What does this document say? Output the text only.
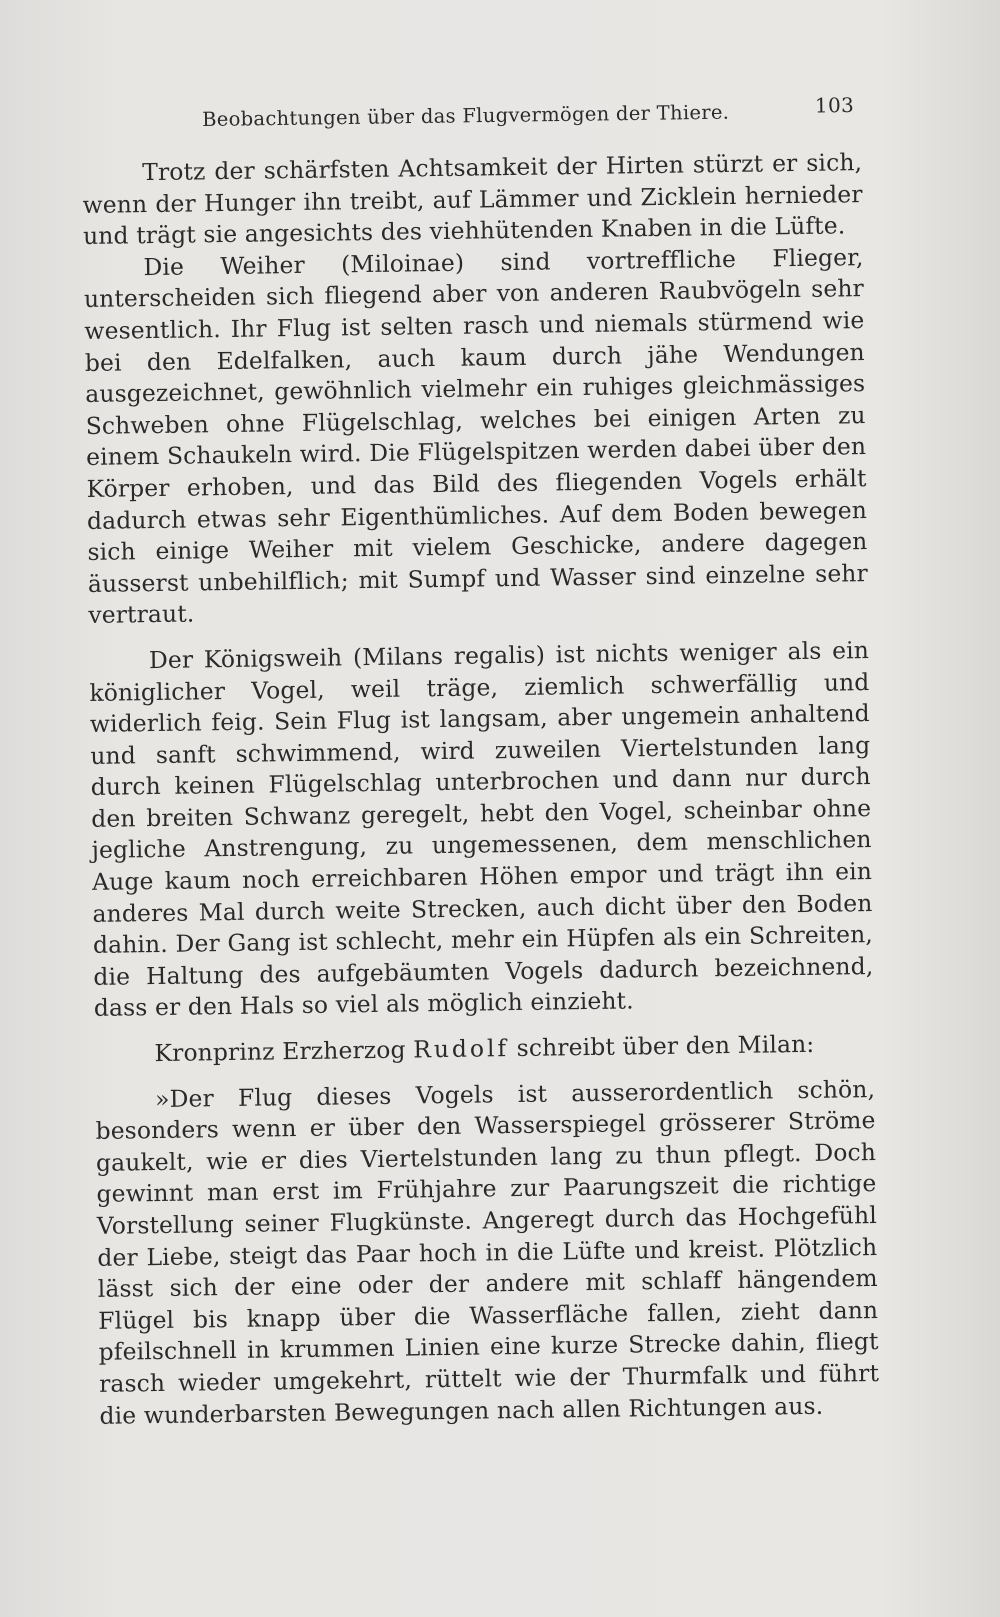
Beobachtungen über das Flugvermögen der Thiere.	103

Trotz der schärfsten Achtsamkeit der Hirten stürzt er sich, wenn der Hunger ihn treibt, auf Lämmer und Zicklein hernieder und trägt sie angesichts des viehhütenden Knaben in die Lüfte.

Die Weiher (Miloinae) sind vortreffliche Flieger, unterscheiden sich fliegend aber von anderen Raubvögeln sehr wesentlich. Ihr Flug ist selten rasch und niemals stürmend wie bei den Edelfalken, auch kaum durch jähe Wendungen ausgezeichnet, gewöhnlich vielmehr ein ruhiges gleichmässiges Schweben ohne Flügelschlag, welches bei einigen Arten zu einem Schaukeln wird. Die Flügelspitzen werden dabei über den Körper erhoben, und das Bild des fliegenden Vogels erhält dadurch etwas sehr Eigenthümliches. Auf dem Boden bewegen sich einige Weiher mit vielem Geschicke, andere dagegen äusserst unbehilflich; mit Sumpf und Wasser sind einzelne sehr vertraut.

Der Königsweih (Milans regalis) ist nichts weniger als ein königlicher Vogel, weil träge, ziemlich schwerfällig und widerlich feig. Sein Flug ist langsam, aber ungemein anhaltend und sanft schwimmend, wird zuweilen Viertelstunden lang durch keinen Flügelschlag unterbrochen und dann nur durch den breiten Schwanz geregelt, hebt den Vogel, scheinbar ohne jegliche Anstrengung, zu ungemessenen, dem menschlichen Auge kaum noch erreichbaren Höhen empor und trägt ihn ein anderes Mal durch weite Strecken, auch dicht über den Boden dahin. Der Gang ist schlecht, mehr ein Hüpfen als ein Schreiten, die Haltung des aufgebäumten Vogels dadurch bezeichnend, dass er den Hals so viel als möglich einzieht.

Kronprinz Erzherzog Rudolf schreibt über den Milan:

»Der Flug dieses Vogels ist ausserordentlich schön, besonders wenn er über den Wasserspiegel grösserer Ströme gaukelt, wie er dies Viertelstunden lang zu thun pflegt. Doch gewinnt man erst im Frühjahre zur Paarungszeit die richtige Vorstellung seiner Flugkünste. Angeregt durch das Hochgefühl der Liebe, steigt das Paar hoch in die Lüfte und kreist. Plötzlich lässt sich der eine oder der andere mit schlaff hängendem Flügel bis knapp über die Wasserfläche fallen, zieht dann pfeilschnell in krummen Linien eine kurze Strecke dahin, fliegt rasch wieder umgekehrt, rüttelt wie der Thurmfalk und führt die wunderbarsten Bewegungen nach allen Richtungen aus.
